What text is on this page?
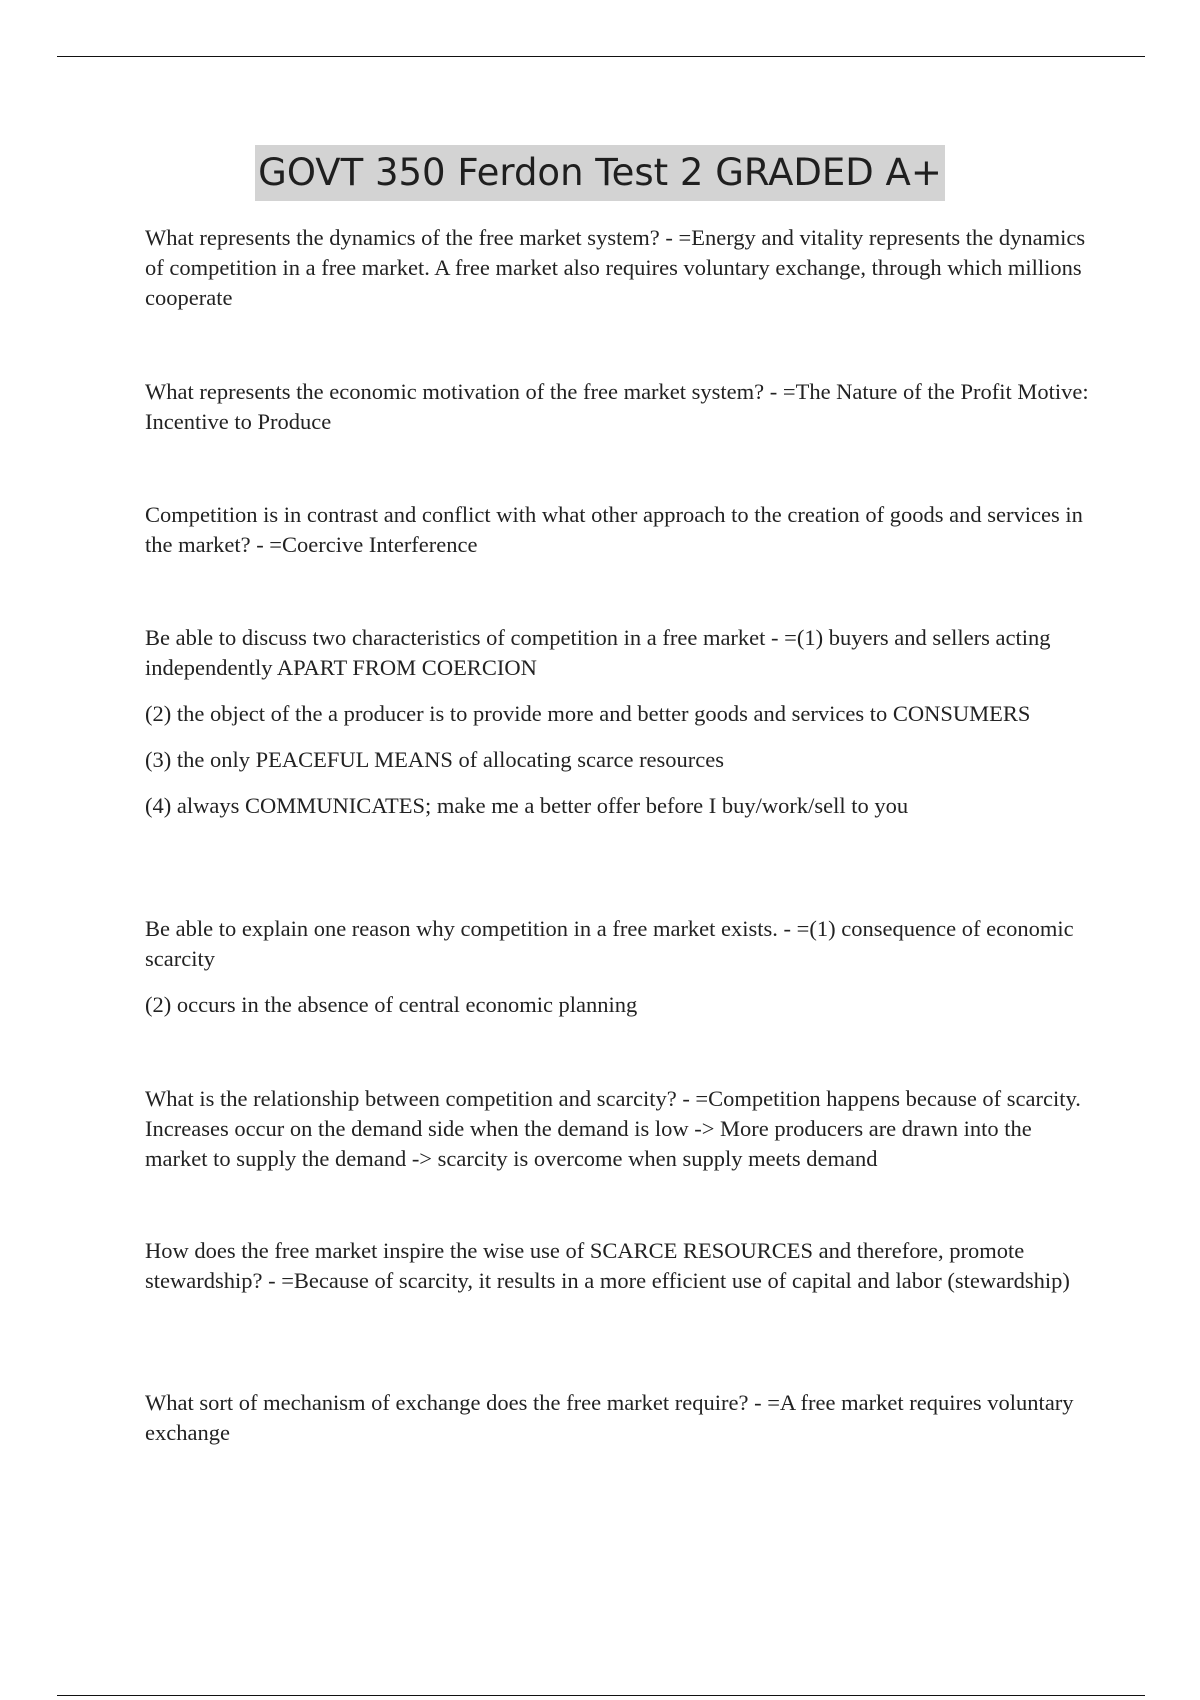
GOVT 350 Ferdon Test 2 GRADED A+

What represents the dynamics of the free market system? - =Energy and vitality represents the dynamics of competition in a free market. A free market also requires voluntary exchange, through which millions cooperate

What represents the economic motivation of the free market system? - =The Nature of the Profit Motive: Incentive to Produce

Competition is in contrast and conflict with what other approach to the creation of goods and services in the market? - =Coercive Interference

Be able to discuss two characteristics of competition in a free market - =(1) buyers and sellers acting independently APART FROM COERCION

(2) the object of the a producer is to provide more and better goods and services to CONSUMERS

(3) the only PEACEFUL MEANS of allocating scarce resources

(4) always COMMUNICATES; make me a better offer before I buy/work/sell to you

Be able to explain one reason why competition in a free market exists. - =(1) consequence of economic scarcity

(2) occurs in the absence of central economic planning

What is the relationship between competition and scarcity? - =Competition happens because of scarcity. Increases occur on the demand side when the demand is low -> More producers are drawn into the market to supply the demand -> scarcity is overcome when supply meets demand

How does the free market inspire the wise use of SCARCE RESOURCES and therefore, promote stewardship? - =Because of scarcity, it results in a more efficient use of capital and labor (stewardship)

What sort of mechanism of exchange does the free market require? - =A free market requires voluntary exchange
